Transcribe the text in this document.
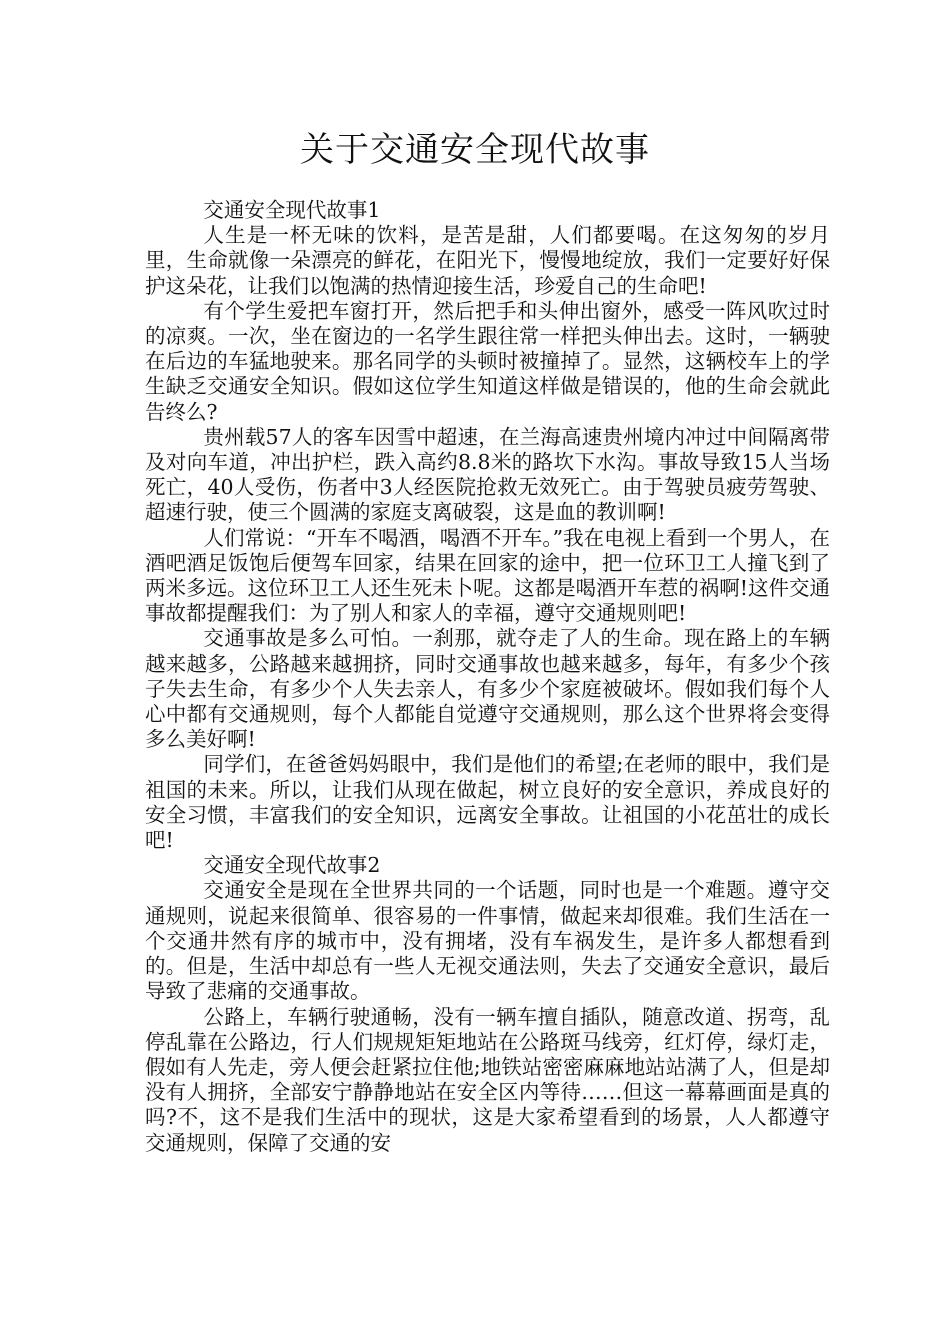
关于交通安全现代故事

交通安全现代故事1

人生是一杯无味的饮料，是苦是甜，人们都要喝。在这匆匆的岁月里，生命就像一朵漂亮的鲜花，在阳光下，慢慢地绽放，我们一定要好好保护这朵花，让我们以饱满的热情迎接生活，珍爱自己的生命吧!

有个学生爱把车窗打开，然后把手和头伸出窗外，感受一阵风吹过时的凉爽。一次，坐在窗边的一名学生跟往常一样把头伸出去。这时，一辆驶在后边的车猛地驶来。那名同学的头顿时被撞掉了。显然，这辆校车上的学生缺乏交通安全知识。假如这位学生知道这样做是错误的，他的生命会就此告终么?

贵州载57人的客车因雪中超速，在兰海高速贵州境内冲过中间隔离带及对向车道，冲出护栏，跌入高约8.8米的路坎下水沟。事故导致15人当场死亡，40人受伤，伤者中3人经医院抢救无效死亡。由于驾驶员疲劳驾驶、超速行驶，使三个圆满的家庭支离破裂，这是血的教训啊!

人们常说：“开车不喝酒，喝酒不开车。”我在电视上看到一个男人，在酒吧酒足饭饱后便驾车回家，结果在回家的途中，把一位环卫工人撞飞到了两米多远。这位环卫工人还生死未卜呢。这都是喝酒开车惹的祸啊!这件交通事故都提醒我们：为了别人和家人的幸福，遵守交通规则吧!

交通事故是多么可怕。一刹那，就夺走了人的生命。现在路上的车辆越来越多，公路越来越拥挤，同时交通事故也越来越多，每年，有多少个孩子失去生命，有多少个人失去亲人，有多少个家庭被破坏。假如我们每个人心中都有交通规则，每个人都能自觉遵守交通规则，那么这个世界将会变得多么美好啊!

同学们，在爸爸妈妈眼中，我们是他们的希望;在老师的眼中，我们是祖国的未来。所以，让我们从现在做起，树立良好的安全意识，养成良好的安全习惯，丰富我们的安全知识，远离安全事故。让祖国的小花茁壮的成长吧!

交通安全现代故事2

交通安全是现在全世界共同的一个话题，同时也是一个难题。遵守交通规则，说起来很简单、很容易的一件事情，做起来却很难。我们生活在一个交通井然有序的城市中，没有拥堵，没有车祸发生，是许多人都想看到的。但是，生活中却总有一些人无视交通法则，失去了交通安全意识，最后导致了悲痛的交通事故。

公路上，车辆行驶通畅，没有一辆车擅自插队，随意改道、拐弯，乱停乱靠在公路边，行人们规规矩矩地站在公路斑马线旁，红灯停，绿灯走，假如有人先走，旁人便会赶紧拉住他;地铁站密密麻麻地站站满了人，但是却没有人拥挤，全部安宁静静地站在安全区内等待……但这一幕幕画面是真的吗?不，这不是我们生活中的现状，这是大家希望看到的场景，人人都遵守交通规则，保障了交通的安
